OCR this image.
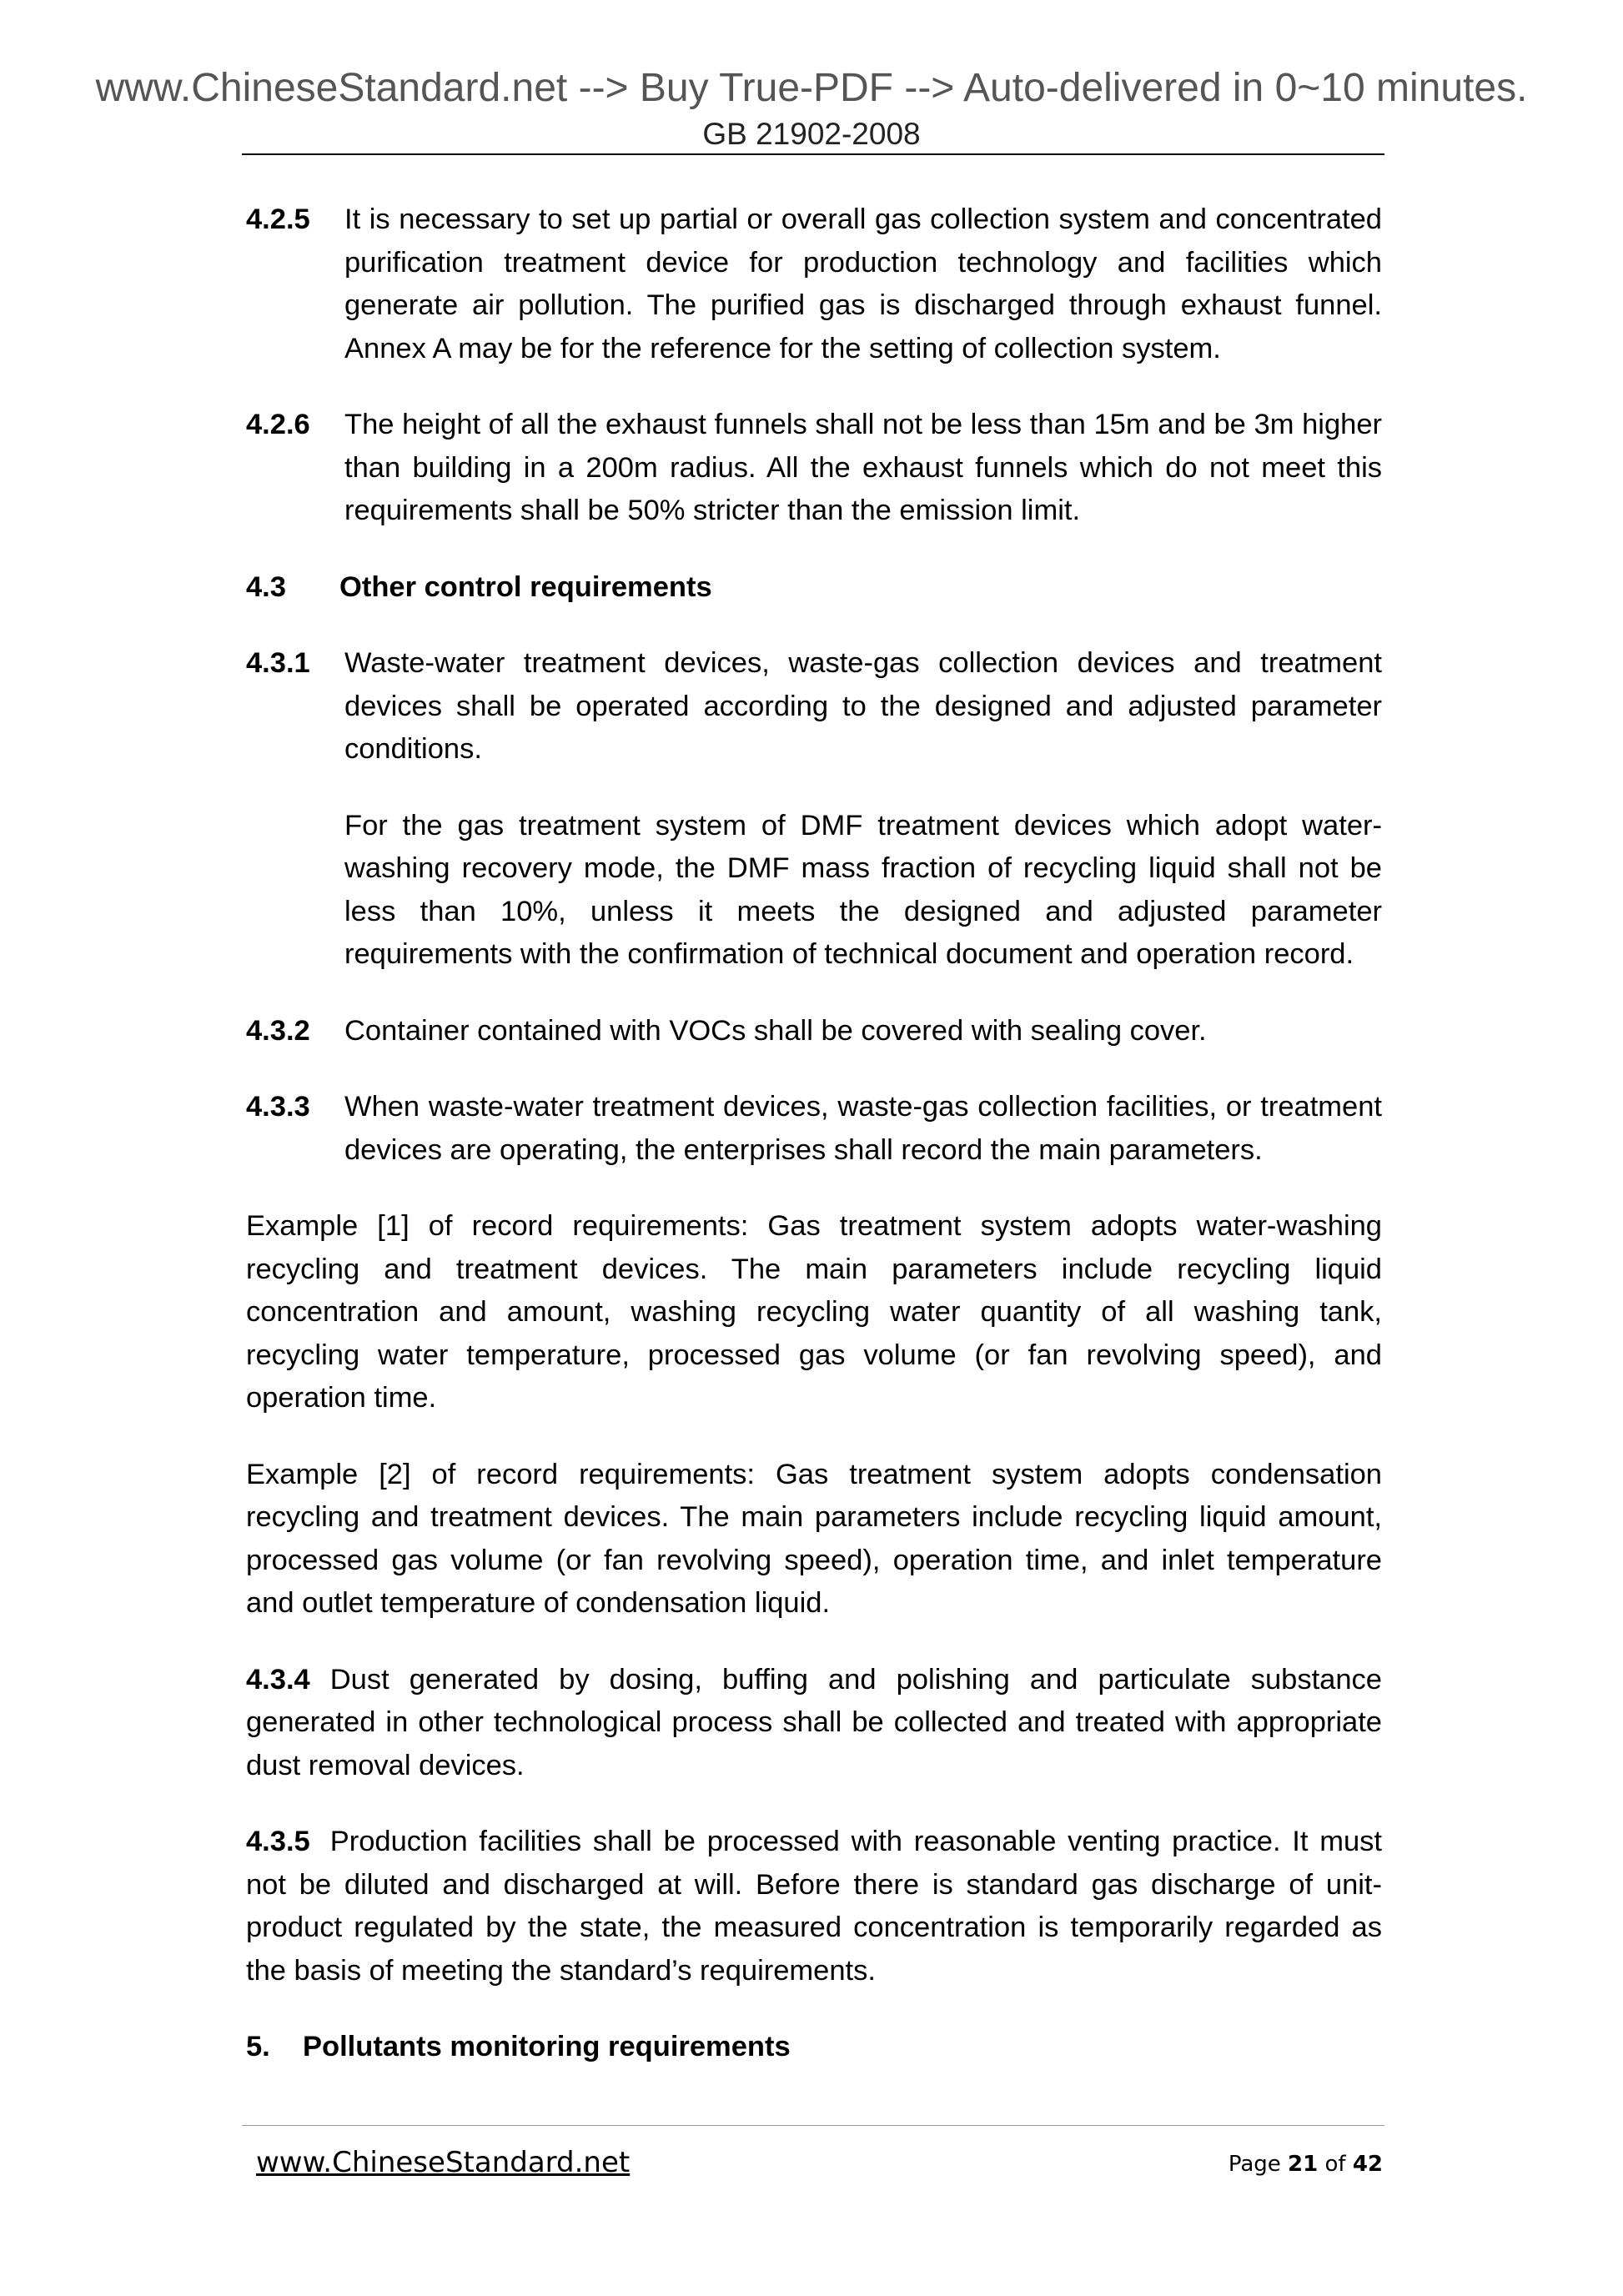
www.ChineseStandard.net --> Buy True-PDF --> Auto-delivered in 0~10 minutes.
GB 21902-2008
4.2.5	It is necessary to set up partial or overall gas collection system and concentrated purification treatment device for production technology and facilities which generate air pollution. The purified gas is discharged through exhaust funnel. Annex A may be for the reference for the setting of collection system.

4.2.6	The height of all the exhaust funnels shall not be less than 15m and be 3m higher than building in a 200m radius. All the exhaust funnels which do not meet this requirements shall be 50% stricter than the emission limit.

4.3	Other control requirements
4.3.1	Waste-water treatment devices, waste-gas collection devices and treatment devices shall be operated according to the designed and adjusted parameter conditions.

For the gas treatment system of DMF treatment devices which adopt water-washing recovery mode, the DMF mass fraction of recycling liquid shall not be less than 10%, unless it meets the designed and adjusted parameter requirements with the confirmation of technical document and operation record.

4.3.2	Container contained with VOCs shall be covered with sealing cover.

4.3.3	When waste-water treatment devices, waste-gas collection facilities, or treatment devices are operating, the enterprises shall record the main parameters.

Example [1] of record requirements: Gas treatment system adopts water-washing recycling and treatment devices. The main parameters include recycling liquid concentration and amount, washing recycling water quantity of all washing tank, recycling water temperature, processed gas volume (or fan revolving speed), and operation time.

Example [2] of record requirements: Gas treatment system adopts condensation recycling and treatment devices. The main parameters include recycling liquid amount, processed gas volume (or fan revolving speed), operation time, and inlet temperature and outlet temperature of condensation liquid.

4.3.4 Dust generated by dosing, buffing and polishing and particulate substance generated in other technological process shall be collected and treated with appropriate dust removal devices.

4.3.5 Production facilities shall be processed with reasonable venting practice. It must not be diluted and discharged at will. Before there is standard gas discharge of unit-product regulated by the state, the measured concentration is temporarily regarded as the basis of meeting the standard’s requirements.

5.	Pollutants monitoring requirements
www.ChineseStandard.net	Page 21 of 42
